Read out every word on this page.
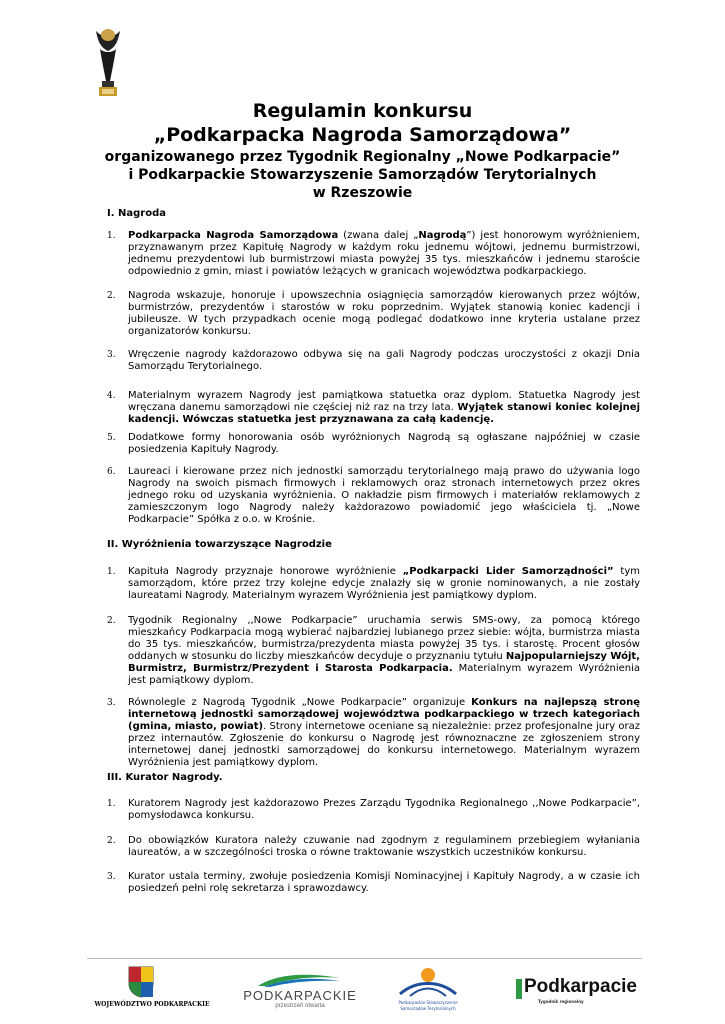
Regulamin konkursu
„Podkarpacka Nagroda Samorządowa”
organizowanego przez Tygodnik Regionalny „Nowe Podkarpacie”
i Podkarpackie Stowarzyszenie Samorządów Terytorialnych
w Rzeszowie
I. Nagroda
1. Podkarpacka Nagroda Samorządowa (zwana dalej „Nagrodą”) jest honorowym wyróżnieniem, przyznawanym przez Kapitułę Nagrody w każdym roku jednemu wójtowi, jednemu burmistrzowi, jednemu prezydentowi lub burmistrzowi miasta powyżej 35 tys. mieszkańców i jednemu staroście odpowiednio z gmin, miast i powiatów leżących w granicach województwa podkarpackiego.
2. Nagroda wskazuje, honoruje i upowszechnia osiągnięcia samorządów kierowanych przez wójtów, burmistrzów, prezydentów i starostów w roku poprzednim. Wyjątek stanowią koniec kadencji i jubileusze. W tych przypadkach ocenie mogą podlegać dodatkowo inne kryteria ustalane przez organizatorów konkursu.
3. Wręczenie nagrody każdorazowo odbywa się na gali Nagrody podczas uroczystości z okazji Dnia Samorządu Terytorialnego.
4. Materialnym wyrazem Nagrody jest pamiątkowa statuetka oraz dyplom. Statuetka Nagrody jest wręczana danemu samorządowi nie częściej niż raz na trzy lata. Wyjątek stanowi koniec kolejnej kadencji. Wówczas statuetka jest przyznawana za całą kadencję.
5. Dodatkowe formy honorowania osób wyróżnionych Nagrodą są ogłaszane najpóźniej w czasie posiedzenia Kapituły Nagrody.
6. Laureaci i kierowane przez nich jednostki samorządu terytorialnego mają prawo do używania logo Nagrody na swoich pismach firmowych i reklamowych oraz stronach internetowych przez okres jednego roku od uzyskania wyróżnienia. O nakładzie pism firmowych i materiałów reklamowych z zamieszczonym logo Nagrody należy każdorazowo powiadomić jego właściciela tj. „Nowe Podkarpacie” Spółka z o.o. w Krośnie.
II. Wyróżnienia towarzyszące Nagrodzie
1. Kapituła Nagrody przyznaje honorowe wyróżnienie „Podkarpacki Lider Samorządności” tym samorządom, które przez trzy kolejne edycje znalazły się w gronie nominowanych, a nie zostały laureatami Nagrody. Materialnym wyrazem Wyróżnienia jest pamiątkowy dyplom.
2. Tygodnik Regionalny ,,Nowe Podkarpacie” uruchamia serwis SMS-owy, za pomocą którego mieszkańcy Podkarpacia mogą wybierać najbardziej lubianego przez siebie: wójta, burmistrza miasta do 35 tys. mieszkańców, burmistrza/prezydenta miasta powyżej 35 tys. i starostę. Procent głosów oddanych w stosunku do liczby mieszkańców decyduje o przyznaniu tytułu Najpopularniejszy Wójt, Burmistrz, Burmistrz/Prezydent i Starosta Podkarpacia. Materialnym wyrazem Wyróżnienia jest pamiątkowy dyplom.
3. Równolegle z Nagrodą Tygodnik „Nowe Podkarpacie” organizuje Konkurs na najlepszą stronę internetową jednostki samorządowej województwa podkarpackiego w trzech kategoriach (gmina, miasto, powiat). Strony internetowe oceniane są niezależnie: przez profesjonalne jury oraz przez internautów. Zgłoszenie do konkursu o Nagrodę jest równoznaczne ze zgłoszeniem strony internetowej danej jednostki samorządowej do konkursu internetowego. Materialnym wyrazem Wyróżnienia jest pamiątkowy dyplom.
III. Kurator Nagrody.
1. Kuratorem Nagrody jest każdorazowo Prezes Zarządu Tygodnika Regionalnego ,,Nowe Podkarpacie”, pomysłodawca konkursu.
2. Do obowiązków Kuratora należy czuwanie nad zgodnym z regulaminem przebiegiem wyłaniania laureatów, a w szczególności troska o równe traktowanie wszystkich uczestników konkursu.
3. Kurator ustala terminy, zwołuje posiedzenia Komisji Nominacyjnej i Kapituły Nagrody, a w czasie ich posiedzeń pełni rolę sekretarza i sprawozdawcy.
WOJEWÓDZTWO PODKARPACKIE
PODKARPACKIE
przestrzeń otwarta
Podkarpackie Stowarzyszenie
Samorządów Terytorialnych
Podkarpacie
Tygodnik regionalny
